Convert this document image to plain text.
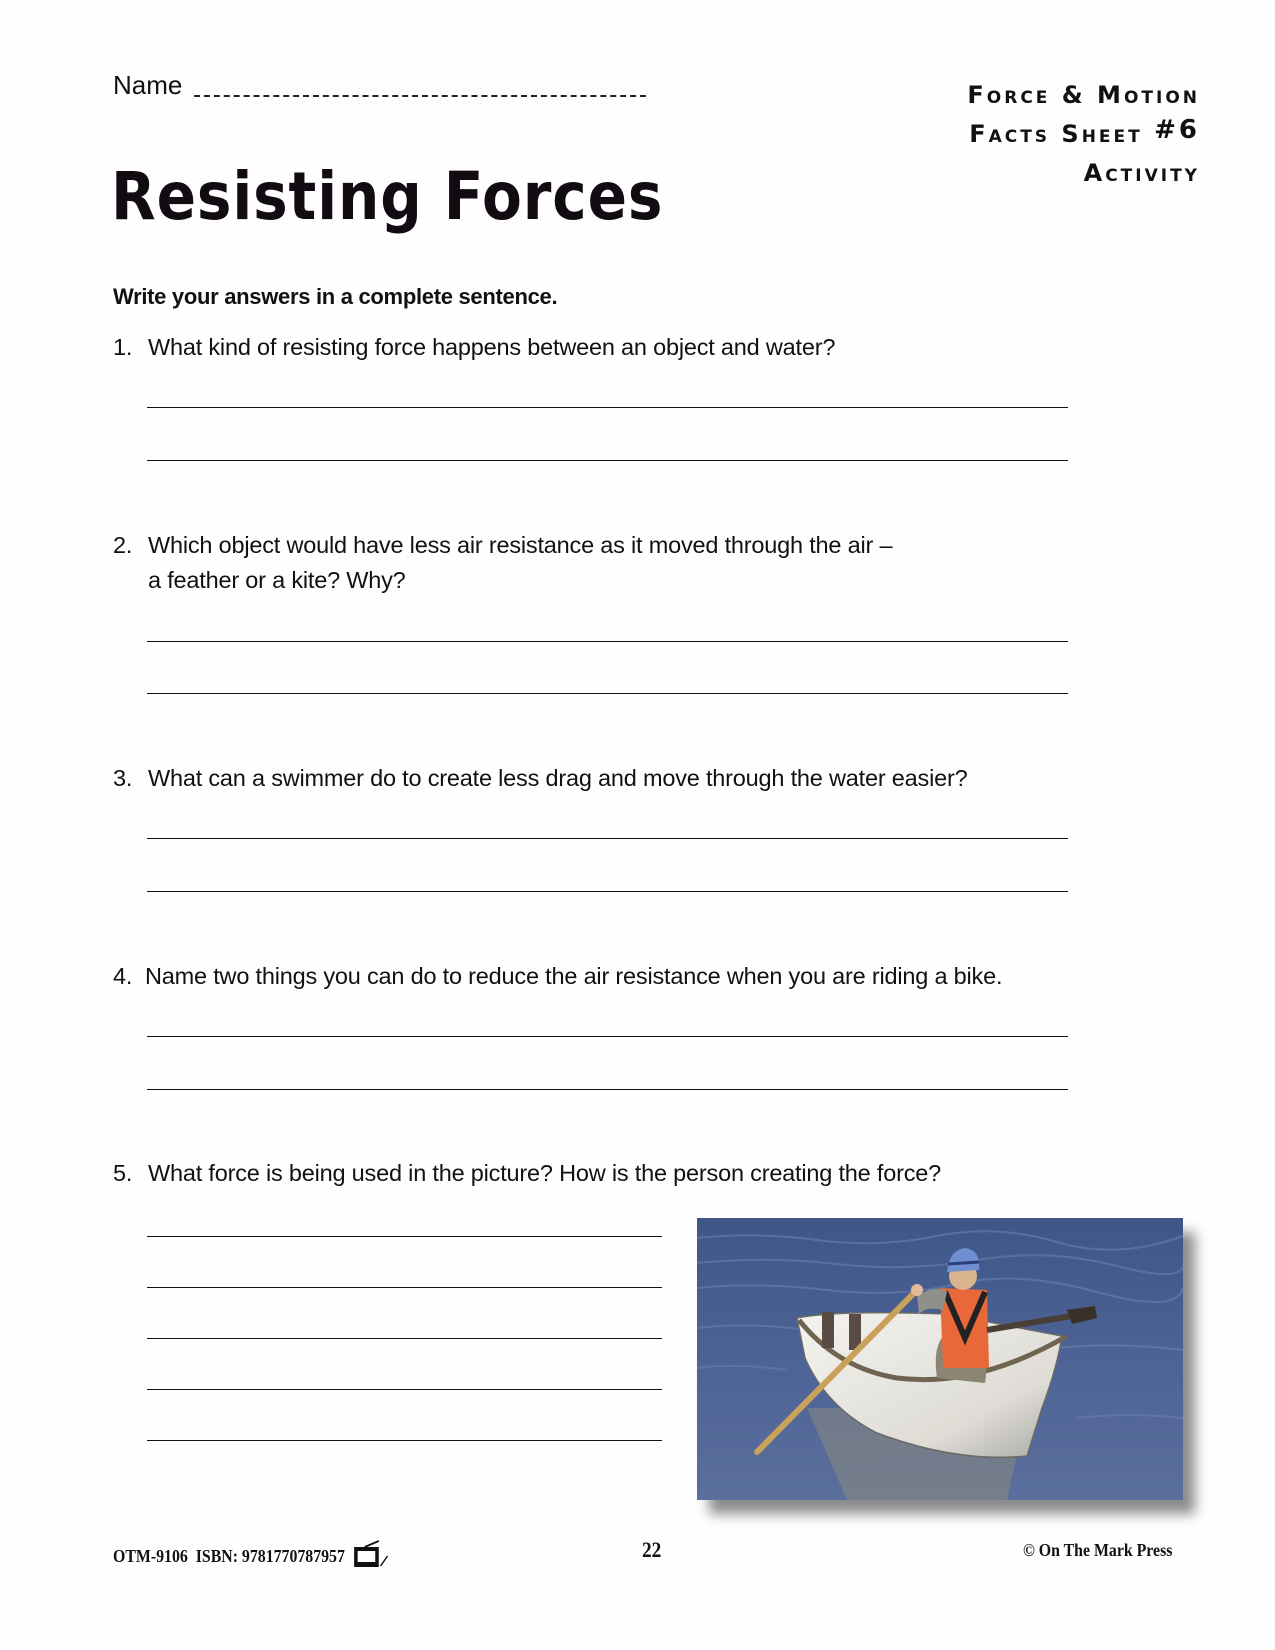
Name	Force & Motion
Facts Sheet #6
Activity
Resisting Forces
Write your answers in a complete sentence.
1. What kind of resisting force happens between an object and water?
2. Which object would have less air resistance as it moved through the air –
a feather or a kite? Why?
3. What can a swimmer do to create less drag and move through the water easier?
4. Name two things you can do to reduce the air resistance when you are riding a bike.
5. What force is being used in the picture? How is the person creating the force?
OTM-9106 ISBN: 9781770787957	22	© On The Mark Press
